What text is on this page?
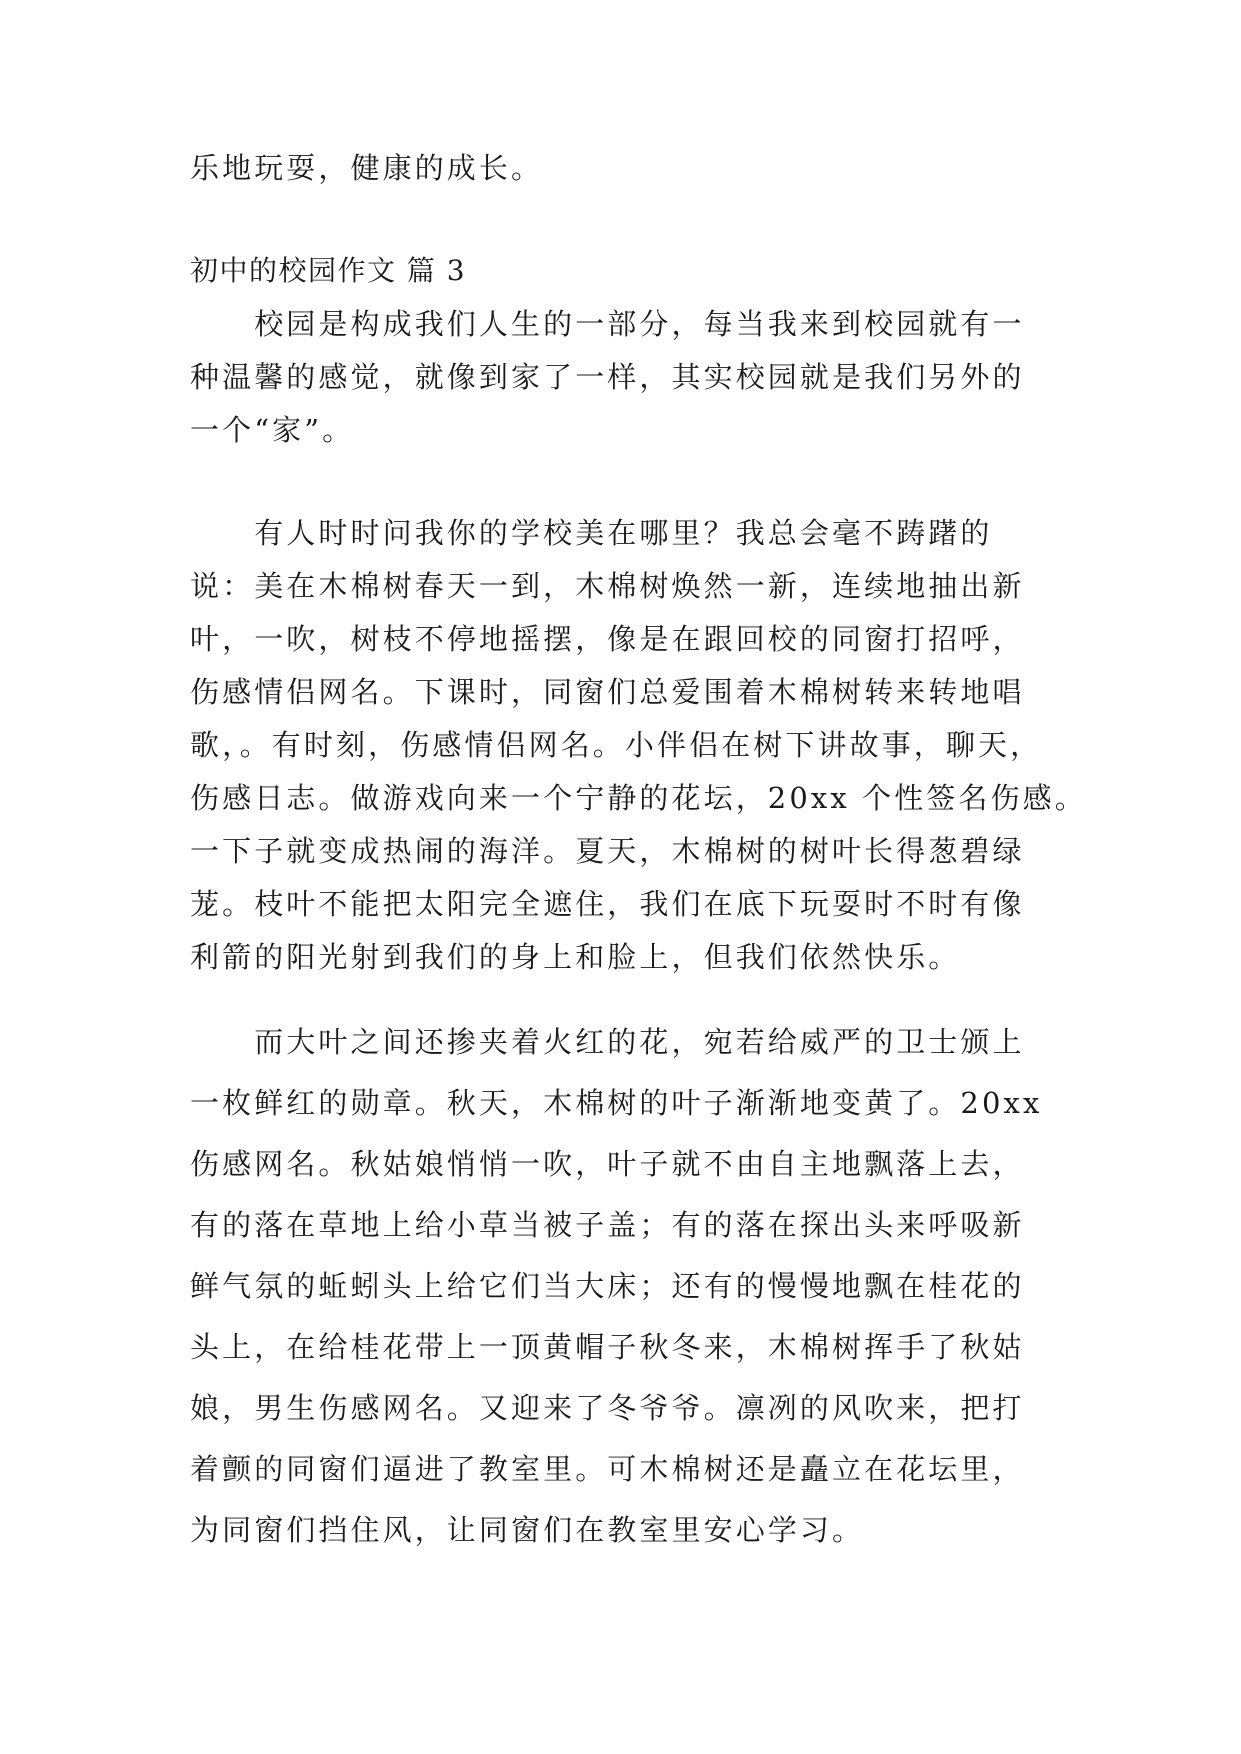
乐地玩耍，健康的成长。

初中的校园作文 篇 3

　　校园是构成我们人生的一部分，每当我来到校园就有一

种温馨的感觉，就像到家了一样，其实校园就是我们另外的

一个“家”。

　　有人时时问我你的学校美在哪里？我总会毫不踌躇的

说：美在木棉树春天一到，木棉树焕然一新，连续地抽出新

叶，一吹，树枝不停地摇摆，像是在跟回校的同窗打招呼，

伤感情侣网名。下课时，同窗们总爱围着木棉树转来转地唱

歌，。有时刻，伤感情侣网名。小伴侣在树下讲故事，聊天，

伤感日志。做游戏向来一个宁静的花坛，20xx 个性签名伤感。

一下子就变成热闹的海洋。夏天，木棉树的树叶长得葱碧绿

茏。枝叶不能把太阳完全遮住，我们在底下玩耍时不时有像

利箭的阳光射到我们的身上和脸上，但我们依然快乐。

　　而大叶之间还掺夹着火红的花，宛若给威严的卫士颁上

一枚鲜红的勋章。秋天，木棉树的叶子渐渐地变黄了。20xx

伤感网名。秋姑娘悄悄一吹，叶子就不由自主地飘落上去，

有的落在草地上给小草当被子盖；有的落在探出头来呼吸新

鲜气氛的蚯蚓头上给它们当大床；还有的慢慢地飘在桂花的

头上，在给桂花带上一顶黄帽子秋冬来，木棉树挥手了秋姑

娘，男生伤感网名。又迎来了冬爷爷。凛冽的风吹来，把打

着颤的同窗们逼进了教室里。可木棉树还是矗立在花坛里，

为同窗们挡住风，让同窗们在教室里安心学习。
